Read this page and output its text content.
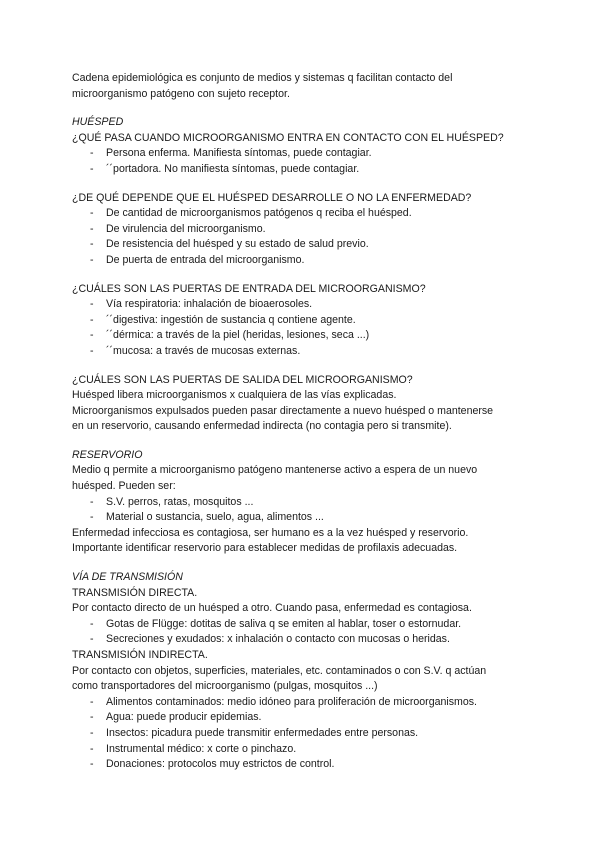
Cadena epidemiológica es conjunto de medios y sistemas q facilitan contacto del

microorganismo patógeno con sujeto receptor.

HUÉSPED

¿QUÉ PASA CUANDO MICROORGANISMO ENTRA EN CONTACTO CON EL HUÉSPED?

- Persona enferma. Manifiesta síntomas, puede contagiar.
- ´´portadora. No manifiesta síntomas, puede contagiar.

¿DE QUÉ DEPENDE QUE EL HUÉSPED DESARROLLE O NO LA ENFERMEDAD?

- De cantidad de microorganismos patógenos q reciba el huésped.
- De virulencia del microorganismo.
- De resistencia del huésped y su estado de salud previo.
- De puerta de entrada del microorganismo.

¿CUÁLES SON LAS PUERTAS DE ENTRADA DEL MICROORGANISMO?

- Vía respiratoria: inhalación de bioaerosoles.
- ´´digestiva: ingestión de sustancia q contiene agente.
- ´´dérmica: a través de la piel (heridas, lesiones, seca ...)
- ´´mucosa: a través de mucosas externas.

¿CUÁLES SON LAS PUERTAS DE SALIDA DEL MICROORGANISMO?

Huésped libera microorganismos x cualquiera de las vías explicadas.

Microorganismos expulsados pueden pasar directamente a nuevo huésped o mantenerse

en un reservorio, causando enfermedad indirecta (no contagia pero si transmite).

RESERVORIO

Medio q permite a microorganismo patógeno mantenerse activo a espera de un nuevo

huésped. Pueden ser:

- S.V. perros, ratas, mosquitos ...
- Material o sustancia, suelo, agua, alimentos ...

Enfermedad infecciosa es contagiosa, ser humano es a la vez huésped y reservorio.

Importante identificar reservorio para establecer medidas de profilaxis adecuadas.

VÍA DE TRANSMISIÓN

TRANSMISIÓN DIRECTA.

Por contacto directo de un huésped a otro. Cuando pasa, enfermedad es contagiosa.

- Gotas de Flügge: dotitas de saliva q se emiten al hablar, toser o estornudar.
- Secreciones y exudados: x inhalación o contacto con mucosas o heridas.

TRANSMISIÓN INDIRECTA.

Por contacto con objetos, superficies, materiales, etc. contaminados o con S.V. q actúan

como transportadores del microorganismo (pulgas, mosquitos ...)

- Alimentos contaminados: medio idóneo para proliferación de microorganismos.
- Agua: puede producir epidemias.
- Insectos: picadura puede transmitir enfermedades entre personas.
- Instrumental médico: x corte o pinchazo.
- Donaciones: protocolos muy estrictos de control.
